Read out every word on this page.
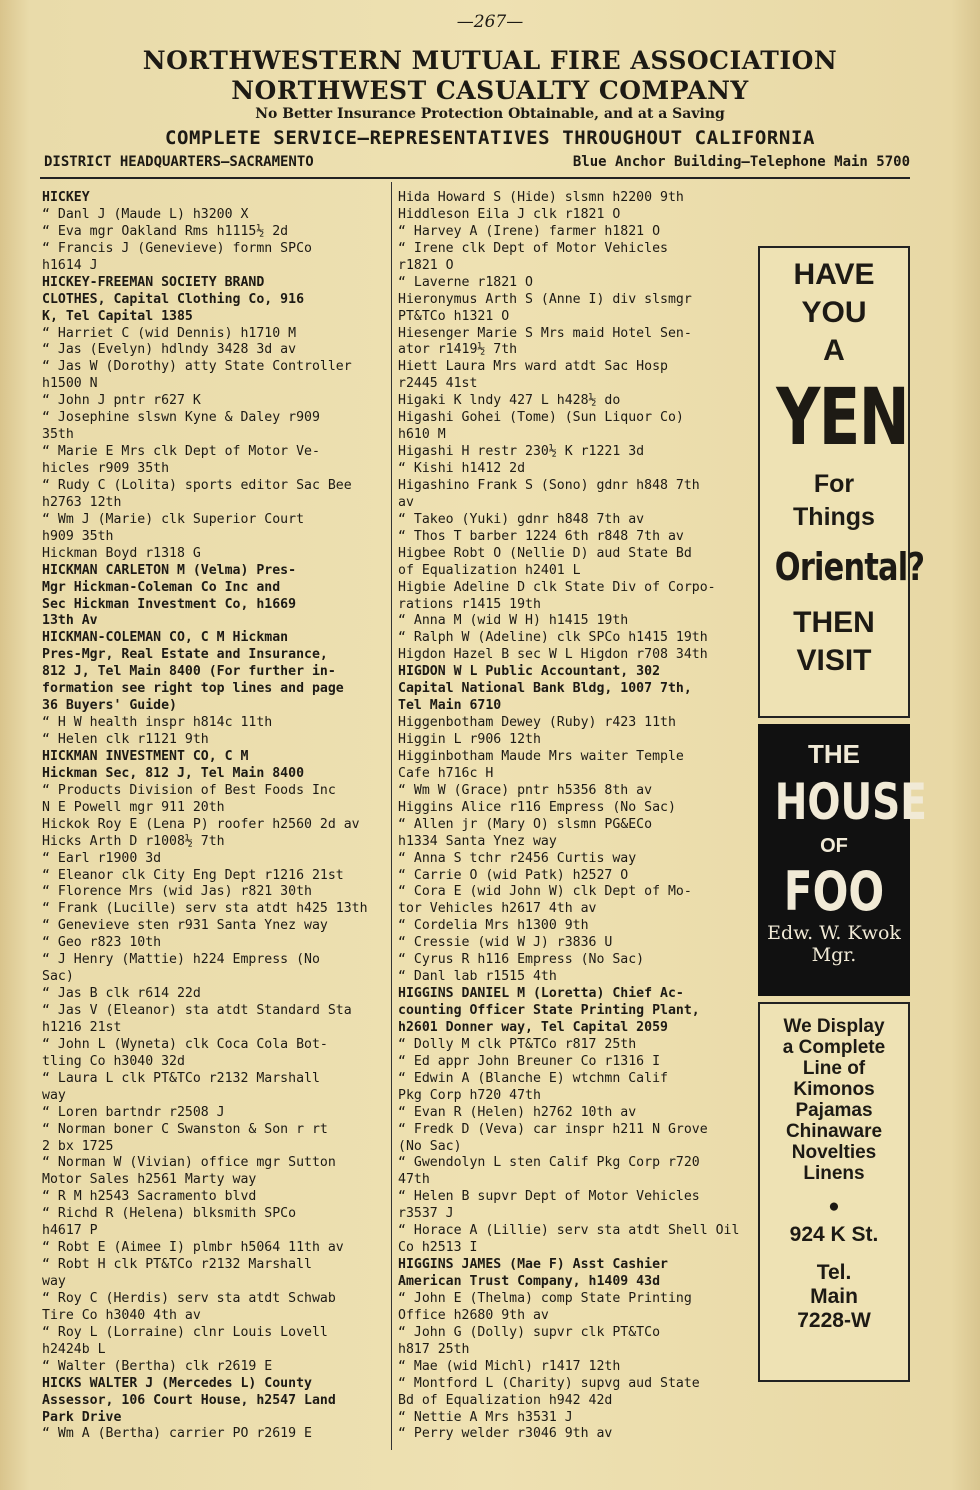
—267—
NORTHWESTERN MUTUAL FIRE ASSOCIATION
NORTHWEST CASUALTY COMPANY
No Better Insurance Protection Obtainable, and at a Saving
COMPLETE SERVICE—REPRESENTATIVES THROUGHOUT CALIFORNIA
DISTRICT HEADQUARTERS—SACRAMENTO	Blue Anchor Building—Telephone Main 5700
HICKEY
“ Danl J (Maude L) h3200 X
“ Eva mgr Oakland Rms h1115½ 2d
“ Francis J (Genevieve) formn SPCo
h1614 J
HICKEY-FREEMAN SOCIETY BRAND
CLOTHES, Capital Clothing Co, 916
K, Tel Capital 1385
“ Harriet C (wid Dennis) h1710 M
“ Jas (Evelyn) hdlndy 3428 3d av
“ Jas W (Dorothy) atty State Controller
h1500 N
“ John J pntr r627 K
“ Josephine slswn Kyne & Daley r909
35th
“ Marie E Mrs clk Dept of Motor Ve-
hicles r909 35th
“ Rudy C (Lolita) sports editor Sac Bee
h2763 12th
“ Wm J (Marie) clk Superior Court
h909 35th
Hickman Boyd r1318 G
HICKMAN CARLETON M (Velma) Pres-
Mgr Hickman-Coleman Co Inc and
Sec Hickman Investment Co, h1669
13th Av
HICKMAN-COLEMAN CO, C M Hickman
Pres-Mgr, Real Estate and Insurance,
812 J, Tel Main 8400 (For further in-
formation see right top lines and page
36 Buyers' Guide)
“ H W health inspr h814c 11th
“ Helen clk r1121 9th
HICKMAN INVESTMENT CO, C M
Hickman Sec, 812 J, Tel Main 8400
“ Products Division of Best Foods Inc
N E Powell mgr 911 20th
Hickok Roy E (Lena P) roofer h2560 2d av
Hicks Arth D r1008½ 7th
“ Earl r1900 3d
“ Eleanor clk City Eng Dept r1216 21st
“ Florence Mrs (wid Jas) r821 30th
“ Frank (Lucille) serv sta atdt h425 13th
“ Genevieve sten r931 Santa Ynez way
“ Geo r823 10th
“ J Henry (Mattie) h224 Empress (No
Sac)
“ Jas B clk r614 22d
“ Jas V (Eleanor) sta atdt Standard Sta
h1216 21st
“ John L (Wyneta) clk Coca Cola Bot-
tling Co h3040 32d
“ Laura L clk PT&TCo r2132 Marshall
way
“ Loren bartndr r2508 J
“ Norman boner C Swanston & Son r rt
2 bx 1725
“ Norman W (Vivian) office mgr Sutton
Motor Sales h2561 Marty way
“ R M h2543 Sacramento blvd
“ Richd R (Helena) blksmith SPCo
h4617 P
“ Robt E (Aimee I) plmbr h5064 11th av
“ Robt H clk PT&TCo r2132 Marshall
way
“ Roy C (Herdis) serv sta atdt Schwab
Tire Co h3040 4th av
“ Roy L (Lorraine) clnr Louis Lovell
h2424b L
“ Walter (Bertha) clk r2619 E
HICKS WALTER J (Mercedes L) County
Assessor, 106 Court House, h2547 Land
Park Drive
“ Wm A (Bertha) carrier PO r2619 E
Hida Howard S (Hide) slsmn h2200 9th
Hiddleson Eila J clk r1821 O
“ Harvey A (Irene) farmer h1821 O
“ Irene clk Dept of Motor Vehicles
r1821 O
“ Laverne r1821 O
Hieronymus Arth S (Anne I) div slsmgr
PT&TCo h1321 O
Hiesenger Marie S Mrs maid Hotel Sen-
ator r1419½ 7th
Hiett Laura Mrs ward atdt Sac Hosp
r2445 41st
Higaki K lndy 427 L h428½ do
Higashi Gohei (Tome) (Sun Liquor Co)
h610 M
Higashi H restr 230½ K r1221 3d
“ Kishi h1412 2d
Higashino Frank S (Sono) gdnr h848 7th
av
“ Takeo (Yuki) gdnr h848 7th av
“ Thos T barber 1224 6th r848 7th av
Higbee Robt O (Nellie D) aud State Bd
of Equalization h2401 L
Higbie Adeline D clk State Div of Corpo-
rations r1415 19th
“ Anna M (wid W H) h1415 19th
“ Ralph W (Adeline) clk SPCo h1415 19th
Higdon Hazel B sec W L Higdon r708 34th
HIGDON W L Public Accountant, 302
Capital National Bank Bldg, 1007 7th,
Tel Main 6710
Higgenbotham Dewey (Ruby) r423 11th
Higgin L r906 12th
Higginbotham Maude Mrs waiter Temple
Cafe h716c H
“ Wm W (Grace) pntr h5356 8th av
Higgins Alice r116 Empress (No Sac)
“ Allen jr (Mary O) slsmn PG&ECo
h1334 Santa Ynez way
“ Anna S tchr r2456 Curtis way
“ Carrie O (wid Patk) h2527 O
“ Cora E (wid John W) clk Dept of Mo-
tor Vehicles h2617 4th av
“ Cordelia Mrs h1300 9th
“ Cressie (wid W J) r3836 U
“ Cyrus R h116 Empress (No Sac)
“ Danl lab r1515 4th
HIGGINS DANIEL M (Loretta) Chief Ac-
counting Officer State Printing Plant,
h2601 Donner way, Tel Capital 2059
“ Dolly M clk PT&TCo r817 25th
“ Ed appr John Breuner Co r1316 I
“ Edwin A (Blanche E) wtchmn Calif
Pkg Corp h720 47th
“ Evan R (Helen) h2762 10th av
“ Fredk D (Veva) car inspr h211 N Grove
(No Sac)
“ Gwendolyn L sten Calif Pkg Corp r720
47th
“ Helen B supvr Dept of Motor Vehicles
r3537 J
“ Horace A (Lillie) serv sta atdt Shell Oil
Co h2513 I
HIGGINS JAMES (Mae F) Asst Cashier
American Trust Company, h1409 43d
“ John E (Thelma) comp State Printing
Office h2680 9th av
“ John G (Dolly) supvr clk PT&TCo
h817 25th
“ Mae (wid Michl) r1417 12th
“ Montford L (Charity) supvg aud State
Bd of Equalization h942 42d
“ Nettie A Mrs h3531 J
“ Perry welder r3046 9th av
HAVE
YOU
A
YEN
For
Things
Oriental?
THEN
VISIT
THE
HOUSE
OF
FOO
Edw. W. Kwok
Mgr.
We Display
a Complete
Line of
Kimonos
Pajamas
Chinaware
Novelties
Linens
●
924 K St.
Tel.
Main
7228-W
